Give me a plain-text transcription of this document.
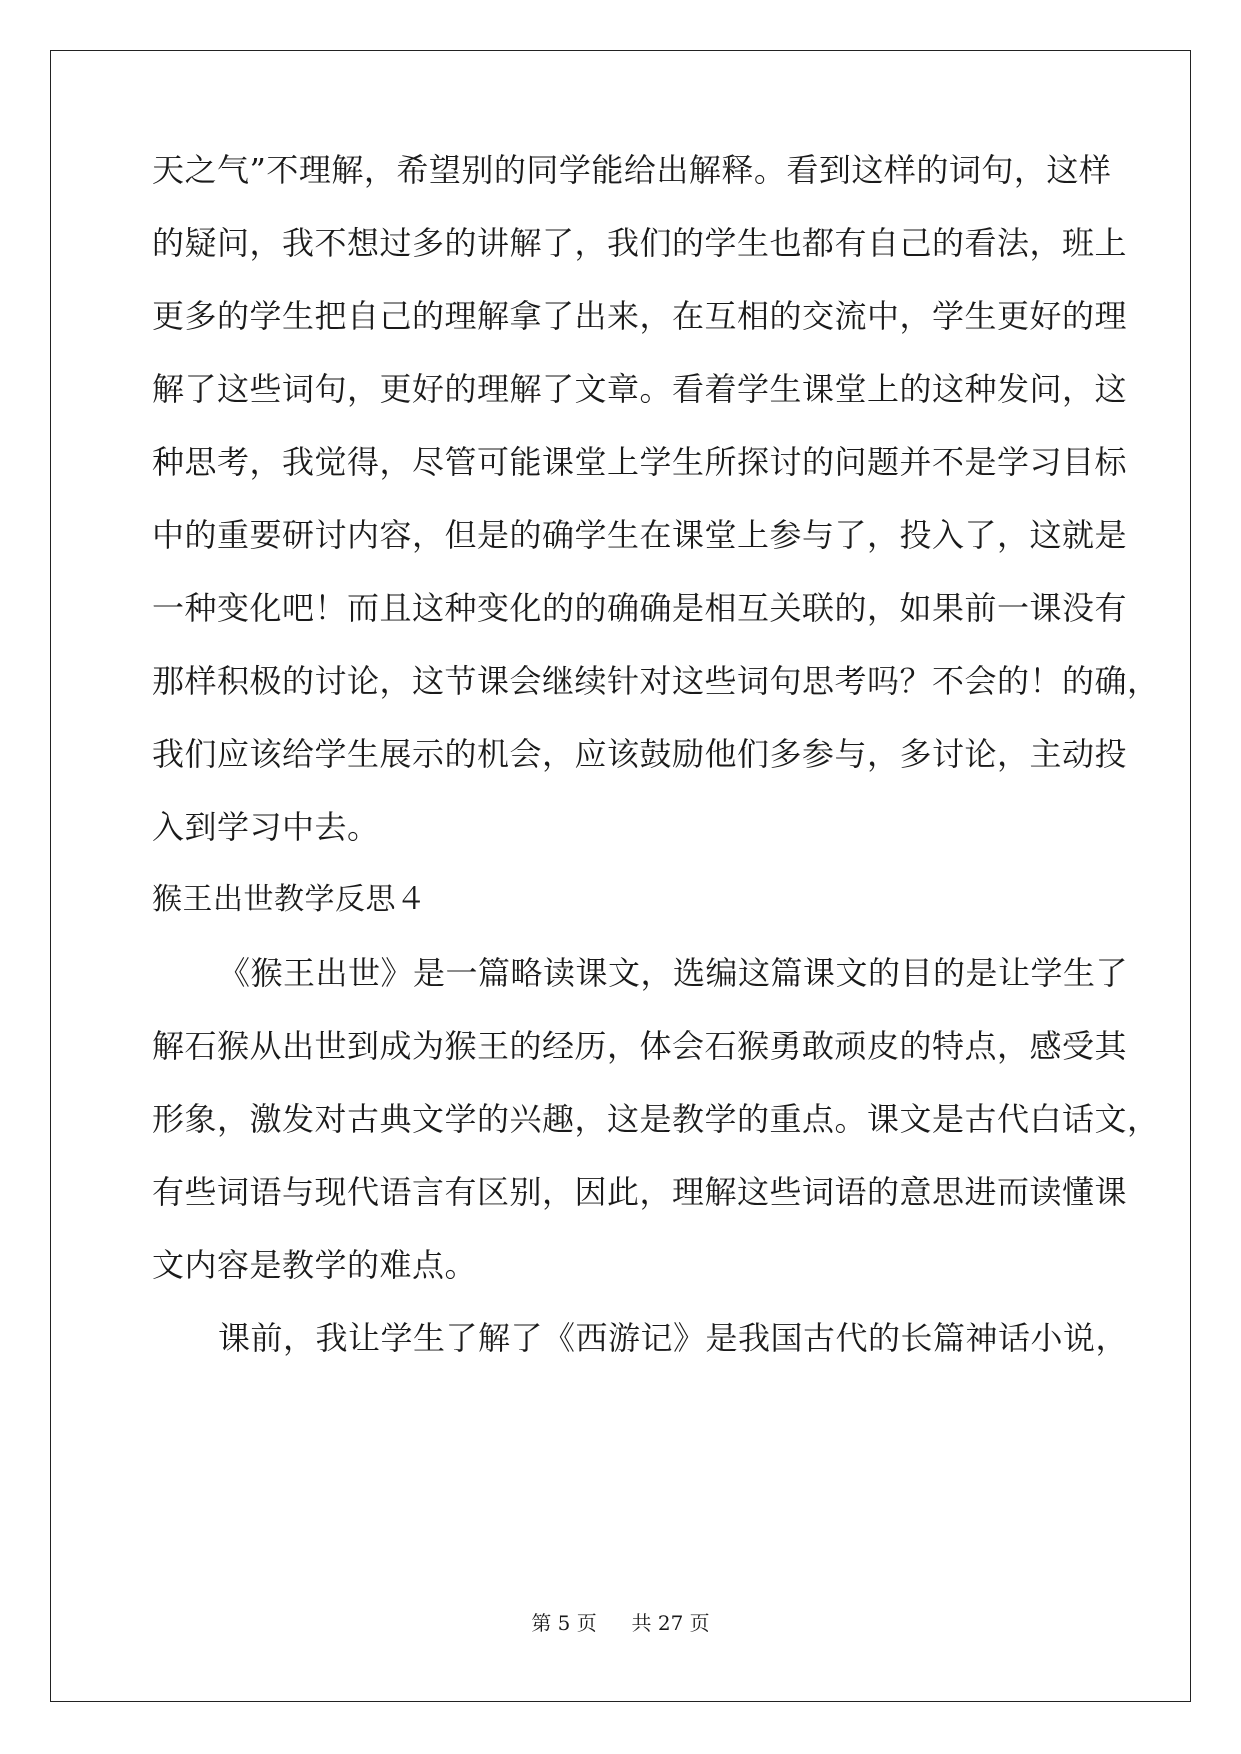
天之气”不理解，希望别的同学能给出解释。看到这样的词句，这样
的疑问，我不想过多的讲解了，我们的学生也都有自己的看法，班上
更多的学生把自己的理解拿了出来，在互相的交流中，学生更好的理
解了这些词句，更好的理解了文章。看着学生课堂上的这种发问，这
种思考，我觉得，尽管可能课堂上学生所探讨的问题并不是学习目标
中的重要研讨内容，但是的确学生在课堂上参与了，投入了，这就是
一种变化吧！而且这种变化的的确确是相互关联的，如果前一课没有
那样积极的讨论，这节课会继续针对这些词句思考吗？不会的！的确，
我们应该给学生展示的机会，应该鼓励他们多参与，多讨论，主动投
入到学习中去。
猴王出世教学反思４
《猴王出世》是一篇略读课文，选编这篇课文的目的是让学生了
解石猴从出世到成为猴王的经历，体会石猴勇敢顽皮的特点，感受其
形象，激发对古典文学的兴趣，这是教学的重点。课文是古代白话文，
有些词语与现代语言有区别，因此，理解这些词语的意思进而读懂课
文内容是教学的难点。
课前，我让学生了解了《西游记》是我国古代的长篇神话小说，
第 5 页 共 27 页
